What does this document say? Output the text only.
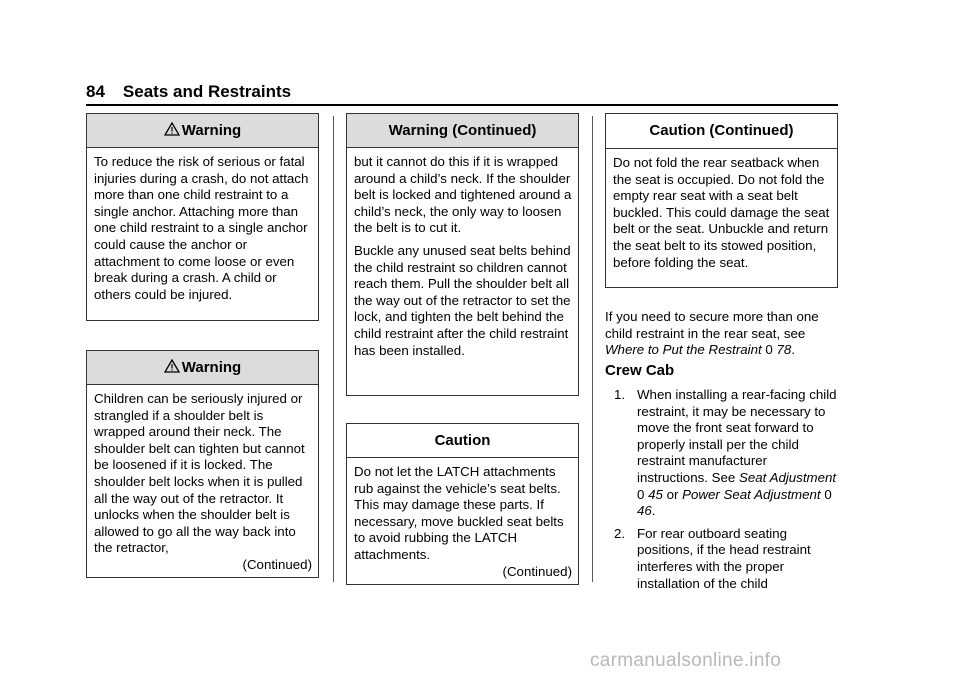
84 Seats and Restraints
Warning

To reduce the risk of serious or fatal injuries during a crash, do not attach more than one child restraint to a single anchor. Attaching more than one child restraint to a single anchor could cause the anchor or attachment to come loose or even break during a crash. A child or others could be injured.

Warning

Children can be seriously injured or strangled if a shoulder belt is wrapped around their neck. The shoulder belt can tighten but cannot be loosened if it is locked. The shoulder belt locks when it is pulled all the way out of the retractor. It unlocks when the shoulder belt is allowed to go all the way back into the retractor,

(Continued)
Warning (Continued)

but it cannot do this if it is wrapped around a child’s neck. If the shoulder belt is locked and tightened around a child’s neck, the only way to loosen the belt is to cut it.

Buckle any unused seat belts behind the child restraint so children cannot reach them. Pull the shoulder belt all the way out of the retractor to set the lock, and tighten the belt behind the child restraint after the child restraint has been installed.

Caution

Do not let the LATCH attachments rub against the vehicle’s seat belts. This may damage these parts. If necessary, move buckled seat belts to avoid rubbing the LATCH attachments.

(Continued)
Caution (Continued)

Do not fold the rear seatback when the seat is occupied. Do not fold the empty rear seat with a seat belt buckled. This could damage the seat belt or the seat. Unbuckle and return the seat belt to its stowed position, before folding the seat.

If you need to secure more than one child restraint in the rear seat, see Where to Put the Restraint 0 78.
Crew Cab
1. When installing a rear-facing child restraint, it may be necessary to move the front seat forward to properly install per the child restraint manufacturer instructions. See Seat Adjustment 0 45 or Power Seat Adjustment 0 46.
2. For rear outboard seating positions, if the head restraint interferes with the proper installation of the child
carmanualsonline.info
